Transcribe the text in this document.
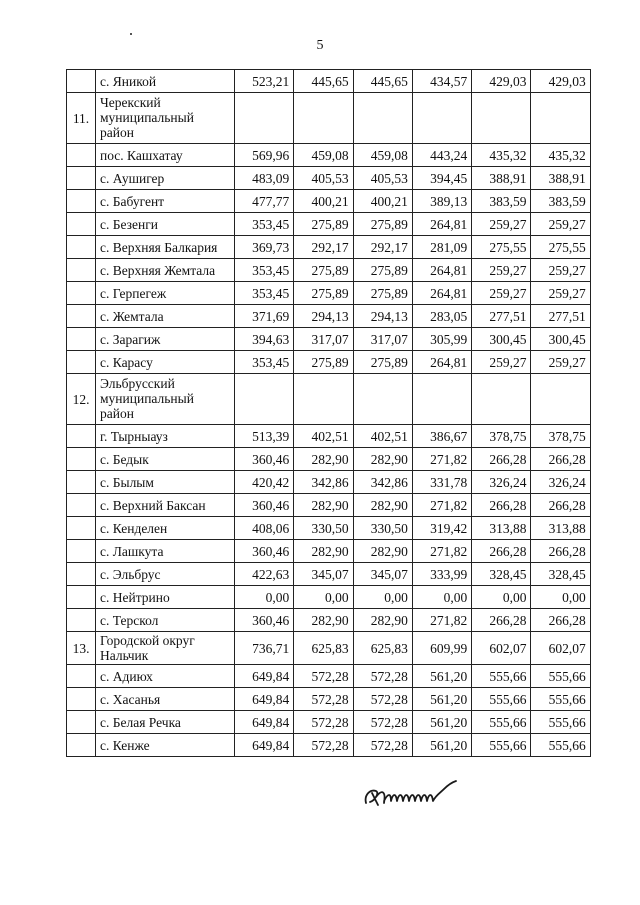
5
	с. Яникой	523,21	445,65	445,65	434,57	429,03	429,03
11.	Черекский муниципальный район						
	пос. Кашхатау	569,96	459,08	459,08	443,24	435,32	435,32
	с. Аушигер	483,09	405,53	405,53	394,45	388,91	388,91
	с. Бабугент	477,77	400,21	400,21	389,13	383,59	383,59
	с. Безенги	353,45	275,89	275,89	264,81	259,27	259,27
	с. Верхняя Балкария	369,73	292,17	292,17	281,09	275,55	275,55
	с. Верхняя Жемтала	353,45	275,89	275,89	264,81	259,27	259,27
	с. Герпегеж	353,45	275,89	275,89	264,81	259,27	259,27
	с. Жемтала	371,69	294,13	294,13	283,05	277,51	277,51
	с. Зарагиж	394,63	317,07	317,07	305,99	300,45	300,45
	с. Карасу	353,45	275,89	275,89	264,81	259,27	259,27
12.	Эльбрусский муниципальный район						
	г. Тырныауз	513,39	402,51	402,51	386,67	378,75	378,75
	с. Бедык	360,46	282,90	282,90	271,82	266,28	266,28
	с. Былым	420,42	342,86	342,86	331,78	326,24	326,24
	с. Верхний Баксан	360,46	282,90	282,90	271,82	266,28	266,28
	с. Кенделен	408,06	330,50	330,50	319,42	313,88	313,88
	с. Лашкута	360,46	282,90	282,90	271,82	266,28	266,28
	с. Эльбрус	422,63	345,07	345,07	333,99	328,45	328,45
	с. Нейтрино	0,00	0,00	0,00	0,00	0,00	0,00
	с. Терскол	360,46	282,90	282,90	271,82	266,28	266,28
13.	Городской округ Нальчик	736,71	625,83	625,83	609,99	602,07	602,07
	с. Адиюх	649,84	572,28	572,28	561,20	555,66	555,66
	с. Хасанья	649,84	572,28	572,28	561,20	555,66	555,66
	с. Белая Речка	649,84	572,28	572,28	561,20	555,66	555,66
	с. Кенже	649,84	572,28	572,28	561,20	555,66	555,66
